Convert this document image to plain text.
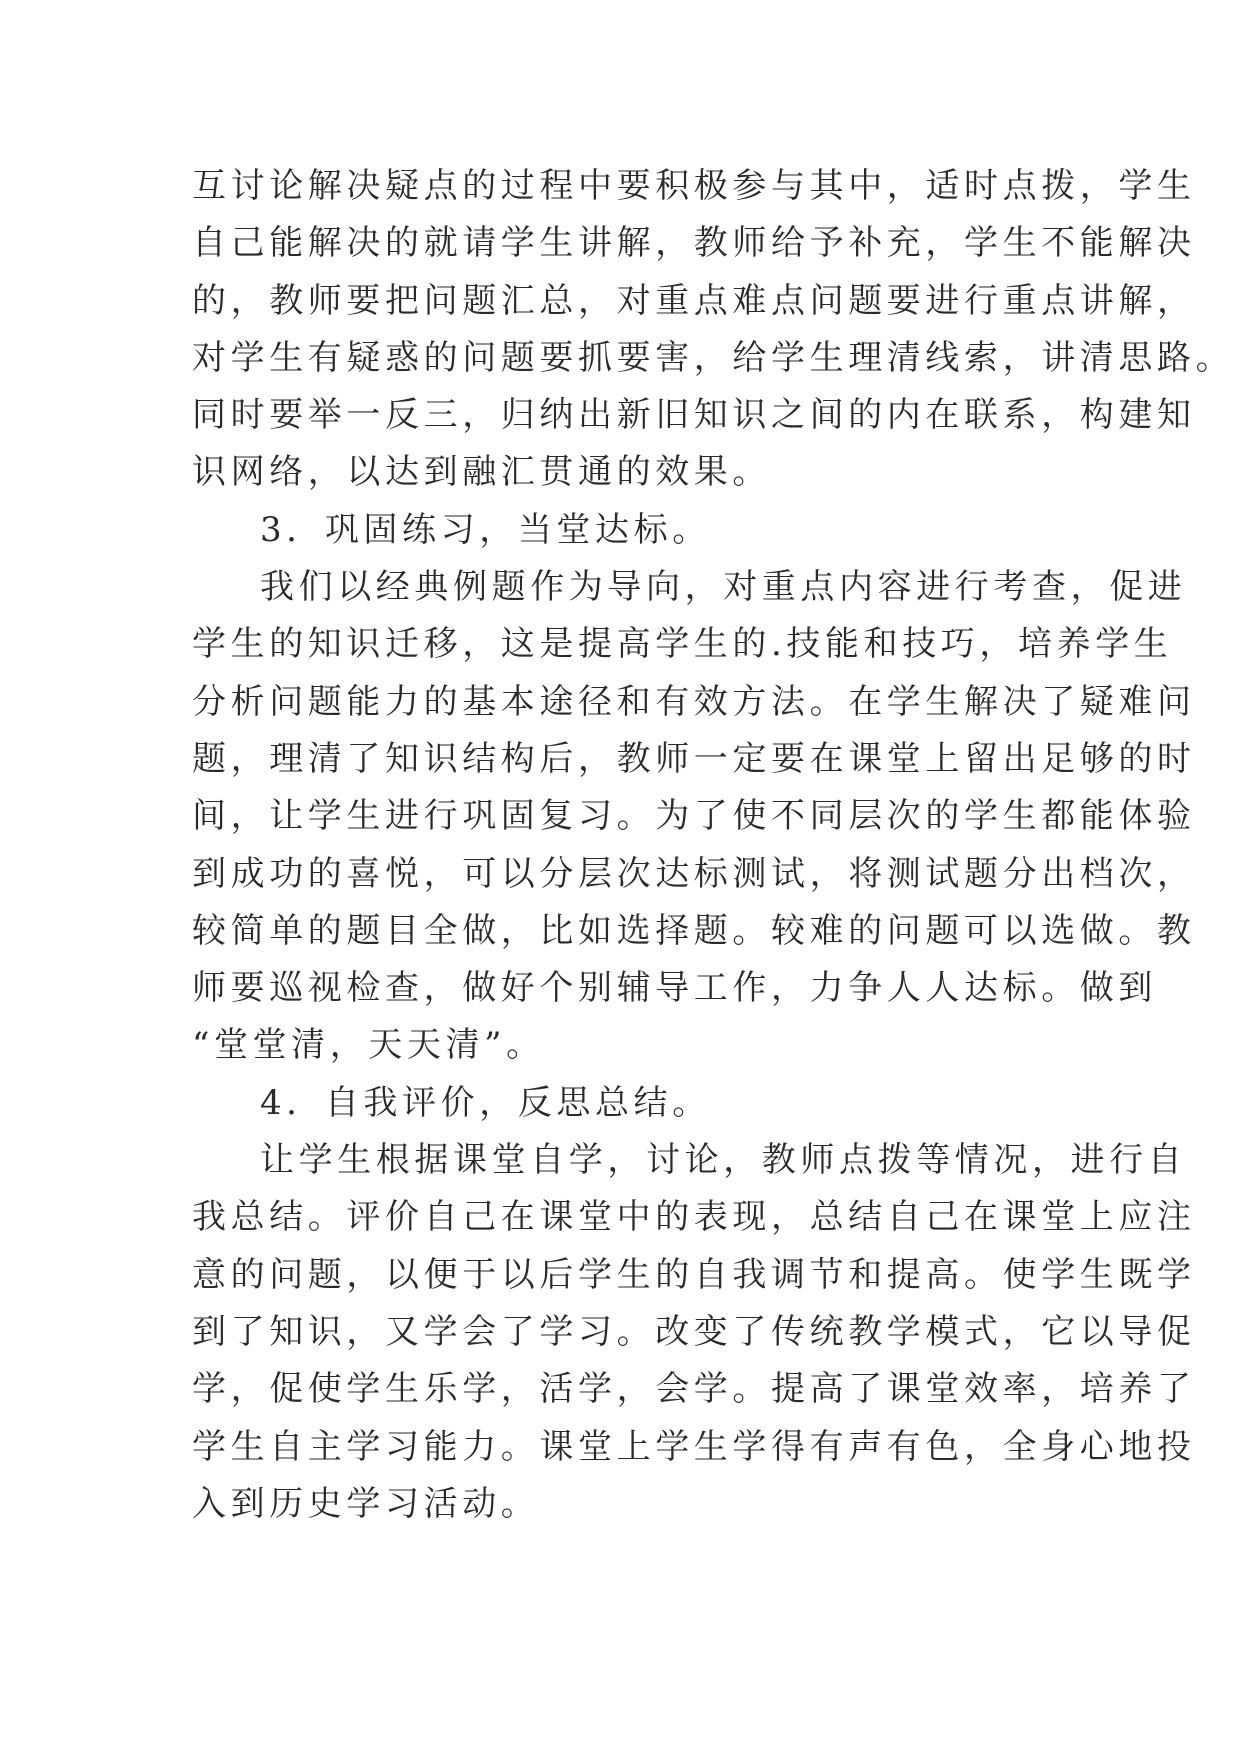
互讨论解决疑点的过程中要积极参与其中，适时点拨，学生
自己能解决的就请学生讲解，教师给予补充，学生不能解决
的，教师要把问题汇总，对重点难点问题要进行重点讲解，
对学生有疑惑的问题要抓要害，给学生理清线索，讲清思路。
同时要举一反三，归纳出新旧知识之间的内在联系，构建知
识网络，以达到融汇贯通的效果。
3．巩固练习，当堂达标。
我们以经典例题作为导向，对重点内容进行考查，促进
学生的知识迁移，这是提高学生的.技能和技巧，培养学生
分析问题能力的基本途径和有效方法。在学生解决了疑难问
题，理清了知识结构后，教师一定要在课堂上留出足够的时
间，让学生进行巩固复习。为了使不同层次的学生都能体验
到成功的喜悦，可以分层次达标测试，将测试题分出档次，
较简单的题目全做，比如选择题。较难的问题可以选做。教
师要巡视检查，做好个别辅导工作，力争人人达标。做到
“堂堂清，天天清”。
4．自我评价，反思总结。
让学生根据课堂自学，讨论，教师点拨等情况，进行自
我总结。评价自己在课堂中的表现，总结自己在课堂上应注
意的问题，以便于以后学生的自我调节和提高。使学生既学
到了知识，又学会了学习。改变了传统教学模式，它以导促
学，促使学生乐学，活学，会学。提高了课堂效率，培养了
学生自主学习能力。课堂上学生学得有声有色，全身心地投
入到历史学习活动。
